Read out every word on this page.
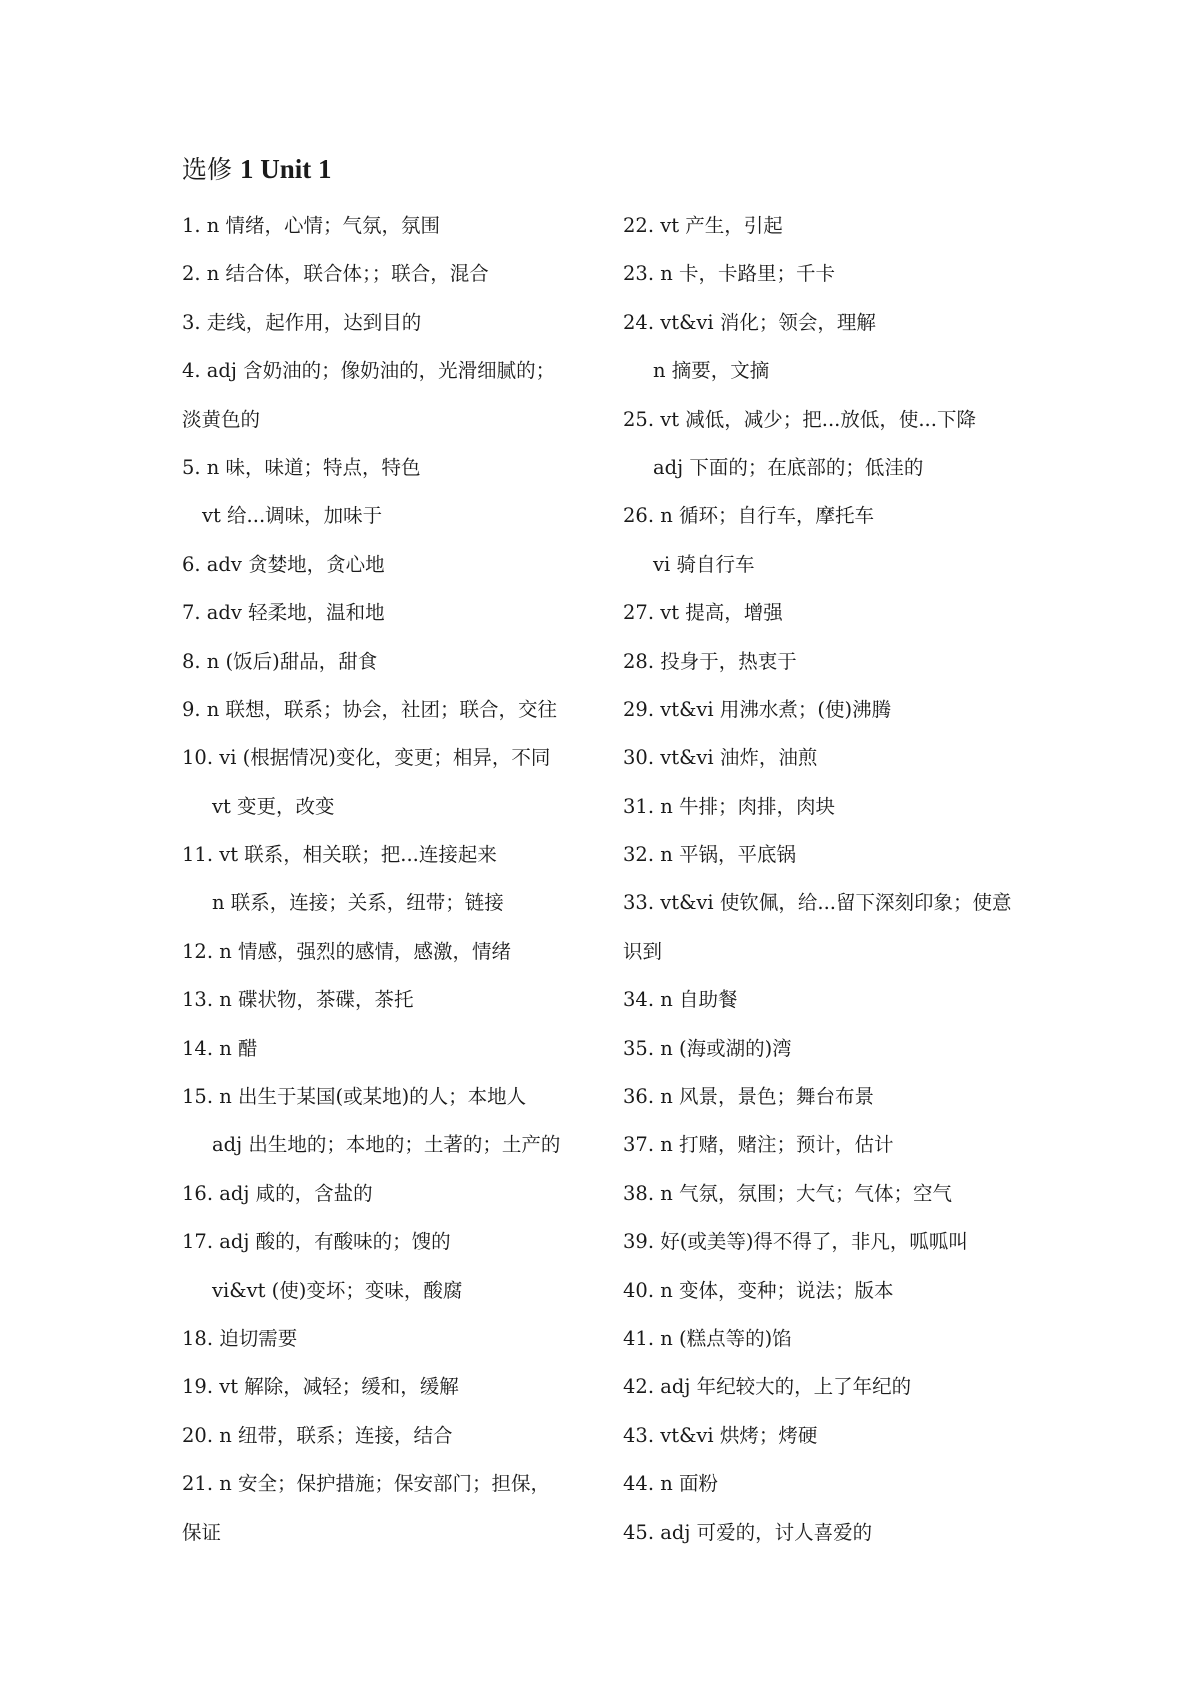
选修 1 Unit 1
1. n 情绪，心情；气氛，氛围
2. n 结合体，联合体；；联合，混合
3. 走线，起作用，达到目的
4. adj 含奶油的；像奶油的，光滑细腻的；
淡黄色的
5. n 味，味道；特点，特色
vt 给...调味，加味于
6. adv 贪婪地，贪心地
7. adv 轻柔地，温和地
8. n (饭后)甜品，甜食
9. n 联想，联系；协会，社团；联合，交往
10. vi (根据情况)变化，变更；相异，不同
vt 变更，改变
11. vt 联系，相关联；把...连接起来
n 联系，连接；关系，纽带；链接
12. n 情感，强烈的感情，感激，情绪
13. n 碟状物，茶碟，茶托
14. n 醋
15. n 出生于某国(或某地)的人；本地人
adj 出生地的；本地的；土著的；土产的
16. adj 咸的，含盐的
17. adj 酸的，有酸味的；馊的
vi&vt (使)变坏；变味，酸腐
18. 迫切需要
19. vt 解除，减轻；缓和，缓解
20. n 纽带，联系；连接，结合
21. n 安全；保护措施；保安部门；担保，
保证
22. vt 产生，引起
23. n 卡，卡路里；千卡
24. vt&vi 消化；领会，理解
n 摘要，文摘
25. vt 减低，减少；把...放低，使...下降
adj 下面的；在底部的；低洼的
26. n 循环；自行车，摩托车
vi 骑自行车
27. vt 提高，增强
28. 投身于，热衷于
29. vt&vi 用沸水煮；(使)沸腾
30. vt&vi 油炸，油煎
31. n 牛排；肉排，肉块
32. n 平锅，平底锅
33. vt&vi 使钦佩，给...留下深刻印象；使意
识到
34. n 自助餐
35. n (海或湖的)湾
36. n 风景，景色；舞台布景
37. n 打赌，赌注；预计，估计
38. n 气氛，氛围；大气；气体；空气
39. 好(或美等)得不得了，非凡，呱呱叫
40. n 变体，变种；说法；版本
41. n (糕点等的)馅
42. adj 年纪较大的，上了年纪的
43. vt&vi 烘烤；烤硬
44. n 面粉
45. adj 可爱的，讨人喜爱的
